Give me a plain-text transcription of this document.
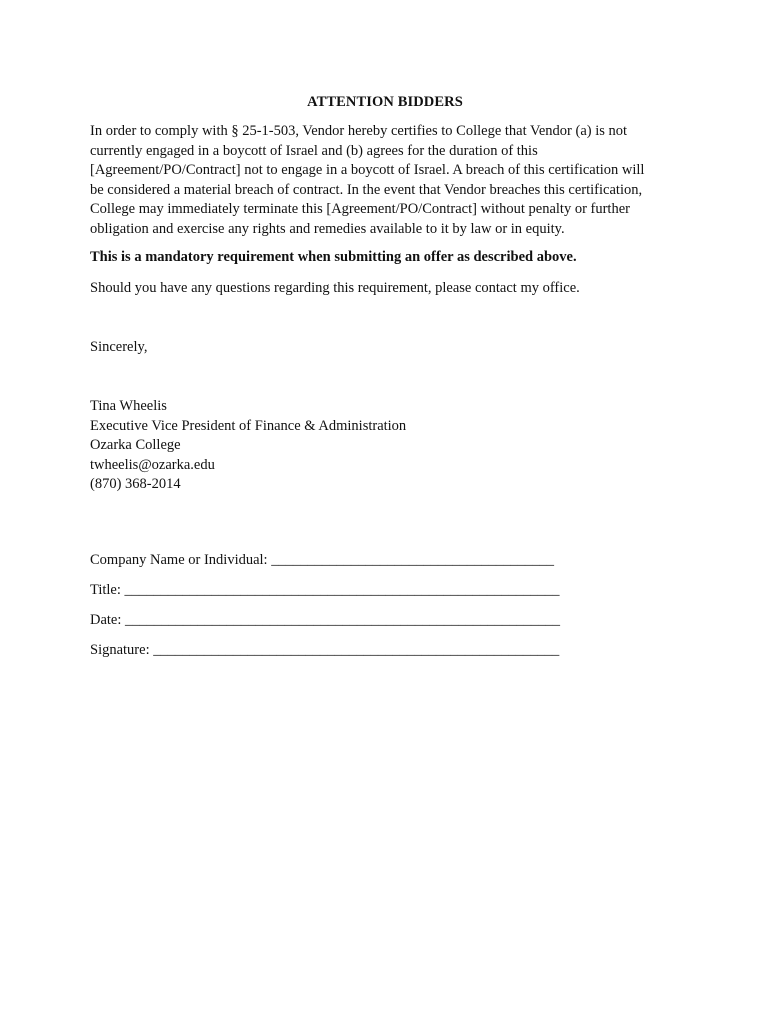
ATTENTION BIDDERS
In order to comply with § 25-1-503, Vendor hereby certifies to College that Vendor (a) is not
currently engaged in a boycott of Israel and (b) agrees for the duration of this
[Agreement/PO/Contract] not to engage in a boycott of Israel. A breach of this certification will
be considered a material breach of contract. In the event that Vendor breaches this certification,
College may immediately terminate this [Agreement/PO/Contract] without penalty or further
obligation and exercise any rights and remedies available to it by law or in equity.
This is a mandatory requirement when submitting an offer as described above.
Should you have any questions regarding this requirement, please contact my office.
Sincerely,
Tina Wheelis
Executive Vice President of Finance & Administration
Ozarka College
twheelis@ozarka.edu
(870) 368-2014
Company Name or Individual: _______________________________________
Title: ____________________________________________________________
Date: ____________________________________________________________
Signature: ________________________________________________________
